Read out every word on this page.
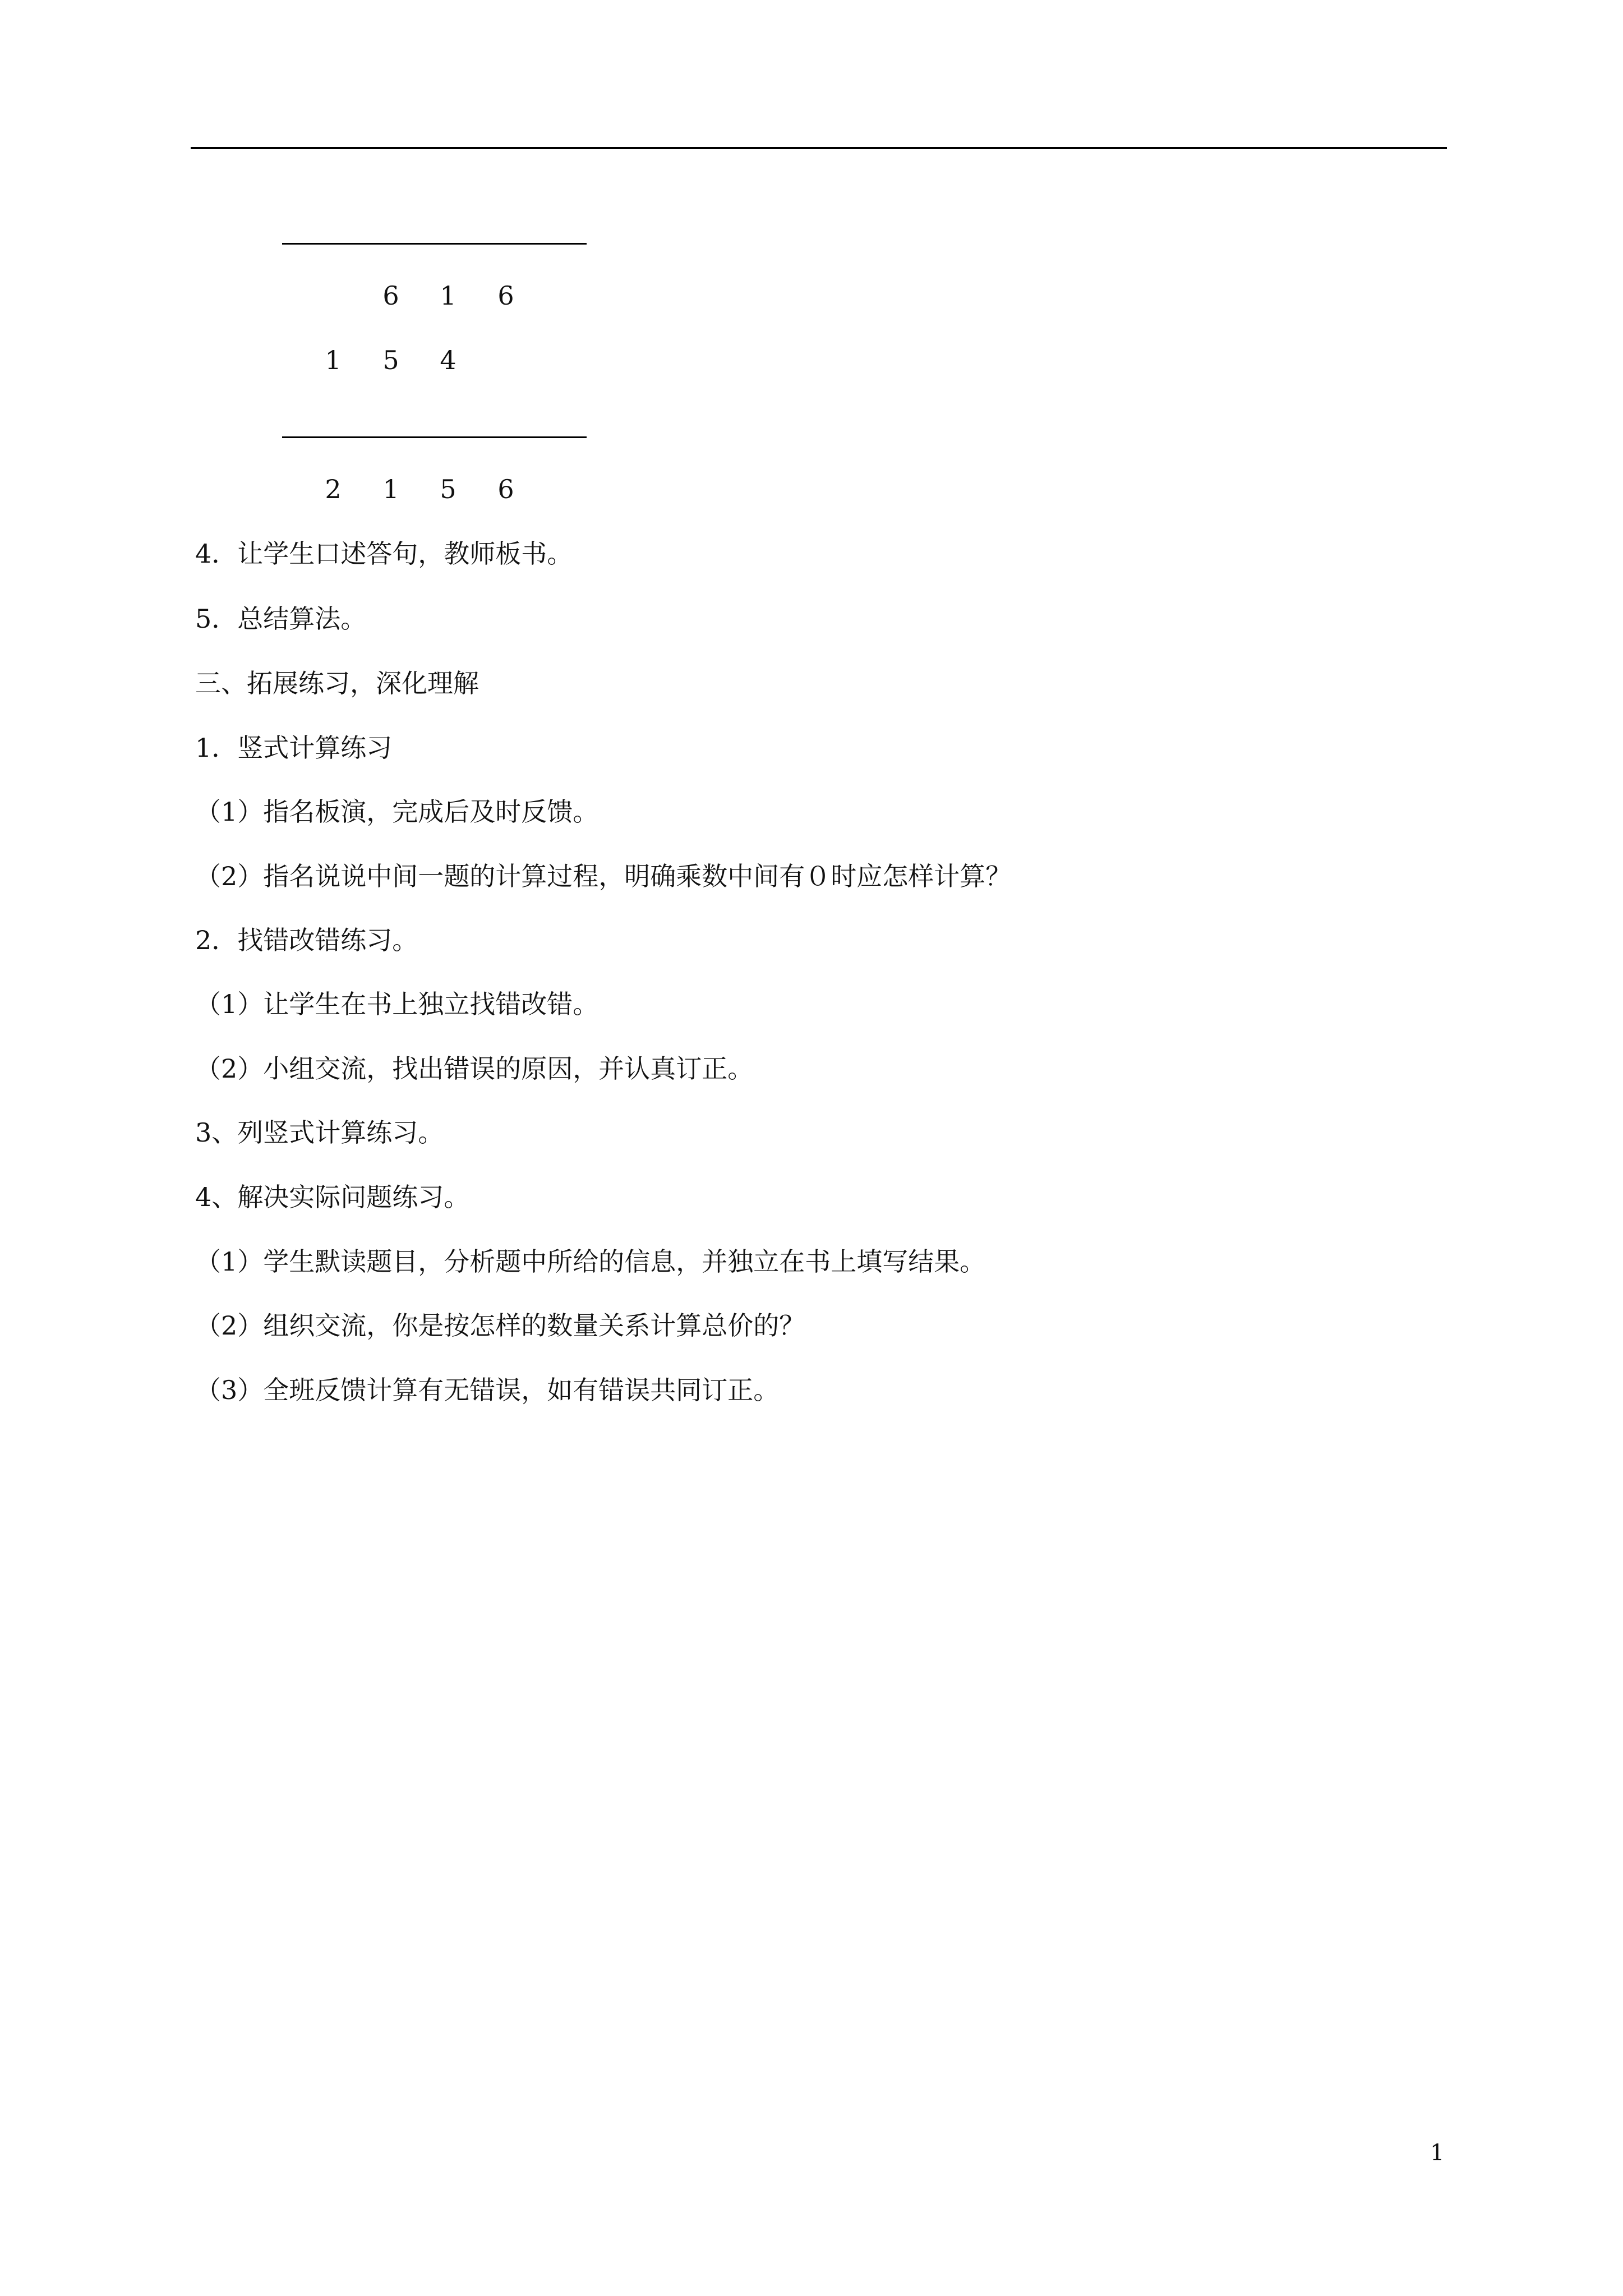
6 1 6
1 5 4
2 1 5 6
4．让学生口述答句，教师板书。
5．总结算法。
三、拓展练习，深化理解
1．竖式计算练习
（1）指名板演，完成后及时反馈。
（2）指名说说中间一题的计算过程，明确乘数中间有０时应怎样计算？
2．找错改错练习。
（1）让学生在书上独立找错改错。
（2）小组交流，找出错误的原因，并认真订正。
3、列竖式计算练习。
4、解决实际问题练习。
（1）学生默读题目，分析题中所给的信息，并独立在书上填写结果。
（2）组织交流，你是按怎样的数量关系计算总价的？
（3）全班反馈计算有无错误，如有错误共同订正。
1
